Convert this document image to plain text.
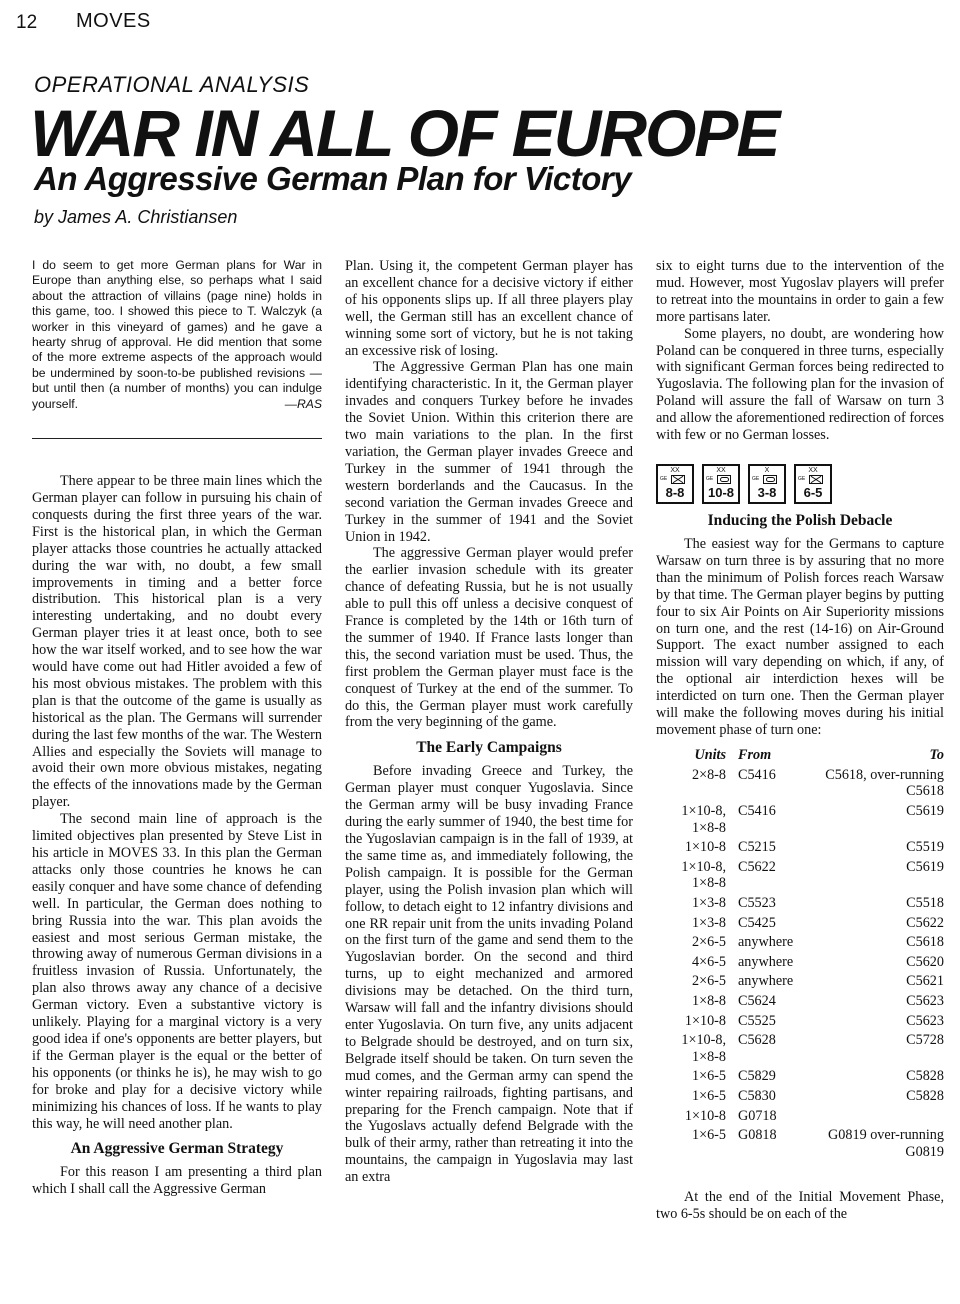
12 MOVES
OPERATIONAL ANALYSIS
WAR IN ALL OF EUROPE
An Aggressive German Plan for Victory
by James A. Christiansen

I do seem to get more German plans for War in Europe than anything else, so perhaps what I said about the attraction of villains (page nine) holds in this game, too. I showed this piece to T. Walczyk (a worker in this vineyard of games) and he gave a hearty shrug of approval. He did mention that some of the more extreme aspects of the approach would be undermined by soon-to-be published revisions — but until then (a number of months) you can indulge yourself.	—RAS

There appear to be three main lines which the German player can follow in pursuing his chain of conquests during the first three years of the war. First is the historical plan, in which the German player attacks those countries he actually attacked during the war with, no doubt, a few small improvements in timing and a better force distribution. This historical plan is a very interesting undertaking, and no doubt every German player tries it at least once, both to see how the war itself worked, and to see how the war would have come out had Hitler avoided a few of his most obvious mistakes. The problem with this plan is that the outcome of the game is usually as historical as the plan. The Germans will surrender during the last few months of the war. The Western Allies and especially the Soviets will manage to avoid their own more obvious mistakes, negating the effects of the innovations made by the German player.

The second main line of approach is the limited objectives plan presented by Steve List in his article in MOVES 33. In this plan the German attacks only those countries he knows he can easily conquer and have some chance of defending well. In particular, the German does nothing to bring Russia into the war. This plan avoids the easiest and most serious German mistake, the throwing away of numerous German divisions in a fruitless invasion of Russia. Unfortunately, the plan also throws away any chance of a decisive German victory. Even a substantive victory is unlikely. Playing for a marginal victory is a very good idea if one's opponents are better players, but if the German player is the equal or the better of his opponents (or thinks he is), he may wish to go for broke and play for a decisive victory while minimizing his chances of loss. If he wants to play this way, he will need another plan.

An Aggressive German Strategy

For this reason I am presenting a third plan which I shall call the Aggressive German

Plan. Using it, the competent German player has an excellent chance for a decisive victory if either of his opponents slips up. If all three players play well, the German still has an excellent chance of winning some sort of victory, but he is not taking an excessive risk of losing.

The Aggressive German Plan has one main identifying characteristic. In it, the German player invades and conquers Turkey before he invades the Soviet Union. Within this criterion there are two main variations to the plan. In the first variation, the German player invades Greece and Turkey in the summer of 1941 through the western borderlands and the Caucasus. In the second variation the German invades Greece and Turkey in the summer of 1941 and the Soviet Union in 1942.

The aggressive German player would prefer the earlier invasion schedule with its greater chance of defeating Russia, but he is not usually able to pull this off unless a decisive conquest of France is completed by the 14th or 16th turn of the summer of 1940. If France lasts longer than this, the second variation must be used. Thus, the first problem the German player must face is the conquest of Turkey at the end of the summer. To do this, the German player must work carefully from the very beginning of the game.

The Early Campaigns

Before invading Greece and Turkey, the German player must conquer Yugoslavia. Since the German army will be busy invading France during the early summer of 1940, the best time for the Yugoslavian campaign is in the fall of 1939, at the same time as, and immediately following, the Polish campaign. It is possible for the German player, using the Polish invasion plan which will follow, to detach eight to 12 infantry divisions and one RR repair unit from the units invading Poland on the first turn of the game and send them to the Yugoslavian border. On the second and third turns, up to eight mechanized and armored divisions may be detached. On the third turn, Warsaw will fall and the infantry divisions should enter Yugoslavia. On turn five, any units adjacent to Belgrade should be destroyed, and on turn six, Belgrade itself should be taken. On turn seven the mud comes, and the German army can spend the winter repairing railroads, fighting partisans, and preparing for the French campaign. Note that if the Yugoslavs actually defend Belgrade with the bulk of their army, rather than retreating it into the mountains, the campaign in Yugoslavia may last an extra

six to eight turns due to the intervention of the mud. However, most Yugoslav players will prefer to retreat into the mountains in order to gain a few more partisans later.

Some players, no doubt, are wondering how Poland can be conquered in three turns, especially with significant German forces being redirected to Yugoslavia. The following plan for the invasion of Poland will assure the fall of Warsaw on turn 3 and allow the aforementioned redirection of forces with few or no German losses.

XX
GE
8-8
XX
GE
10-8
X
GE
3-8
XX
GE
6-5
Inducing the Polish Debacle

The easiest way for the Germans to capture Warsaw on turn three is by assuring that no more than the minimum of Polish forces reach Warsaw by that time. The German player begins by putting four to six Air Points on Air Superiority missions on turn one, and the rest (14-16) on Air-Ground Support. The exact number assigned to each mission will vary depending on which, if any, of the optional air interdiction hexes will be interdicted on turn one. Then the German player will make the following moves during his initial movement phase of turn one:

Units	From	To
2×8-8	C5416	C5618, over-running C5618
1×10-8, 1×8-8	C5416	C5619
1×10-8	C5215	C5519
1×10-8, 1×8-8	C5622	C5619
1×3-8	C5523	C5518
1×3-8	C5425	C5622
2×6-5	anywhere	C5618
4×6-5	anywhere	C5620
2×6-5	anywhere	C5621
1×8-8	C5624	C5623
1×10-8	C5525	C5623
1×10-8, 1×8-8	C5628	C5728
1×6-5	C5829	C5828
1×6-5	C5830	C5828
1×10-8	G0718	
1×6-5	G0818	G0819 over-running G0819

At the end of the Initial Movement Phase, two 6-5s should be on each of the
